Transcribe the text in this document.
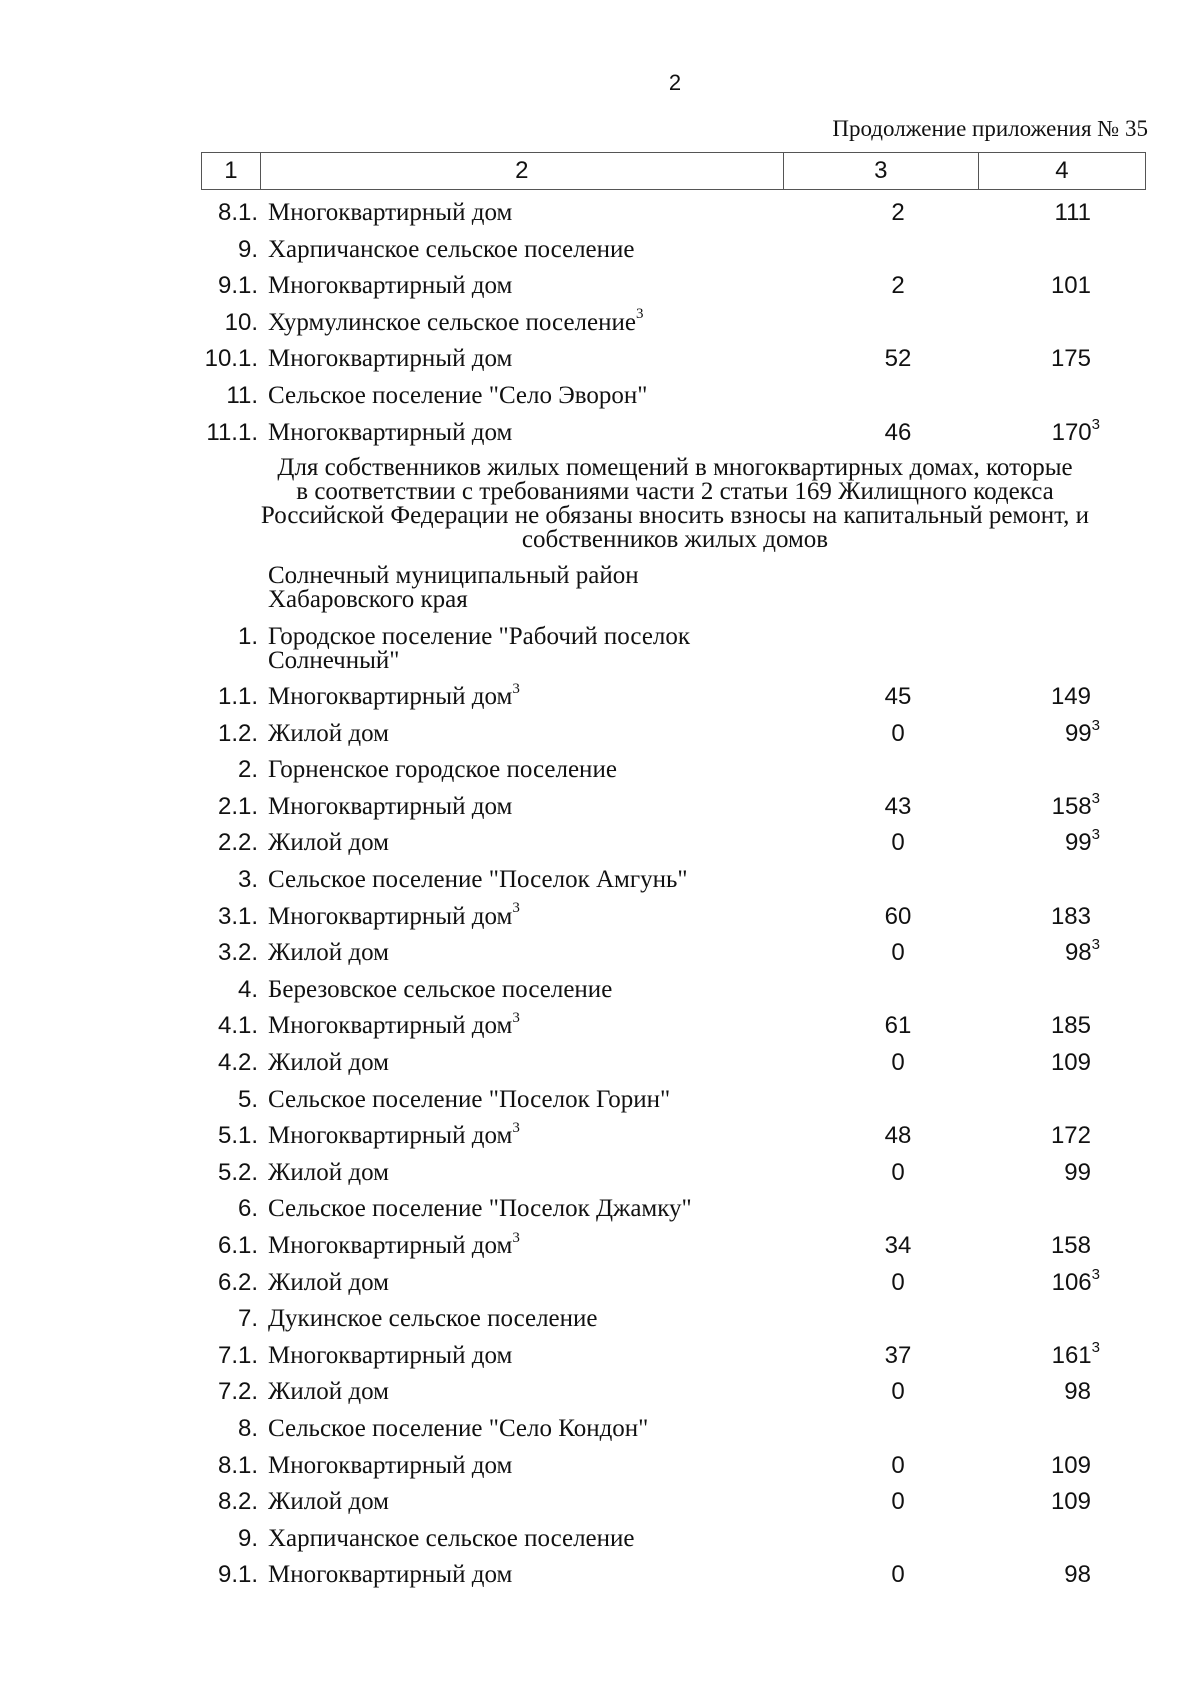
2
Продолжение приложения № 35
1	2	3	4
8.1. Многоквартирный дом	2	111
9. Харпичанское сельское поселение
9.1. Многоквартирный дом	2	101
10. Хурмулинское сельское поселение$^3$
10.1. Многоквартирный дом	52	175
11. Сельское поселение "Село Эворон"
11.1. Многоквартирный дом	46	$170^3$
Для собственников жилых помещений в многоквартирных домах, которые
в соответствии с требованиями части 2 статьи 169 Жилищного кодекса
Российской Федерации не обязаны вносить взносы на капитальный ремонт, и
собственников жилых домов
Солнечный муниципальный район
Хабаровского края
1. Городское поселение "Рабочий поселок
Солнечный"
1.1. Многоквартирный дом$^3$	45	149
1.2. Жилой дом	0	$99^3$
2. Горненское городское поселение
2.1. Многоквартирный дом	43	$158^3$
2.2. Жилой дом	0	$99^3$
3. Сельское поселение "Поселок Амгунь"
3.1. Многоквартирный дом$^3$	60	183
3.2. Жилой дом	0	$98^3$
4. Березовское сельское поселение
4.1. Многоквартирный дом$^3$	61	185
4.2. Жилой дом	0	109
5. Сельское поселение "Поселок Горин"
5.1. Многоквартирный дом$^3$	48	172
5.2. Жилой дом	0	99
6. Сельское поселение "Поселок Джамку"
6.1. Многоквартирный дом$^3$	34	158
6.2. Жилой дом	0	$106^3$
7. Дукинское сельское поселение
7.1. Многоквартирный дом	37	$161^3$
7.2. Жилой дом	0	98
8. Сельское поселение "Село Кондон"
8.1. Многоквартирный дом	0	109
8.2. Жилой дом	0	109
9. Харпичанское сельское поселение
9.1. Многоквартирный дом	0	98
